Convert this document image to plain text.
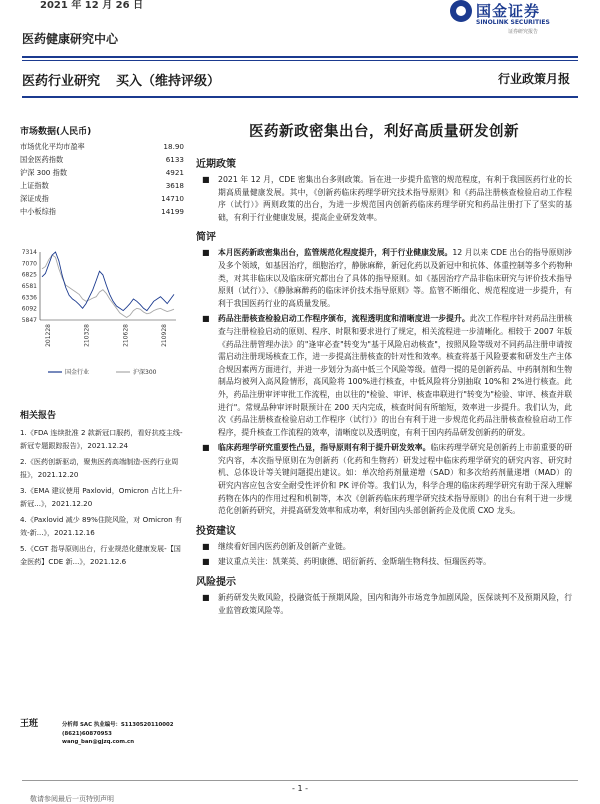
2021 年 12 月 26 日	国金证券
SINOLINK SECURITIES
证券研究报告
医药健康研究中心
医药行业研究 买入（维持评级）	行业政策月报
市场数据(人民币)
市场优化平均市盈率	18.90
国金医药指数	6133
沪深 300 指数	4921
上证指数	3618
深证成指	14710
中小板综指	14199
7314
7070
6825
6581
6336
6092
5847
201228	210328	210628	210928
国金行业	沪深300
相关报告
1.《FDA 连续批准 2 款新冠口服药，看好抗疫主线-新冠专题跟踪报告》，2021.12.24
2.《医药创新驱动，聚焦医药高端制造-医药行业周报》，2021.12.20
3.《EMA 建议使用 Paxlovid，Omicron 占比上升-新冠...》，2021.12.20
4.《Paxlovid 减少 89%住院风险，对 Omicron 有效-新...》，2021.12.16
5.《CGT 指导原则出台，行业规范化健康发展-【国金医药】CDE 新...》，2021.12.6
王班	分析师 SAC 执业编号：S1130520110002
(8621)60870953
wang_ban@gjzq.com.cn
医药新政密集出台，利好高质量研发创新
近期政策

■ 2021 年 12 月，CDE 密集出台多则政策。旨在进一步提升监管的规范程度，有利于我国医药行业的长期高质量健康发展。其中，《创新药临床药理学研究技术指导原则》和《药品注册核查检验启动工作程序（试行）》两则政策的出台，为进一步规范国内创新药临床药理学研究和药品注册打下了坚实的基础，有利于行业健康发展，提高企业研发效率。

简评

■ 本月医药新政密集出台，监管规范化程度提升，利于行业健康发展。12 月以来 CDE 出台的指导原则涉及多个领域，如基因治疗，细胞治疗，静脉麻醉，新冠化药以及新冠中和抗体、体重控制等多个药物种类，对其非临床以及临床研究都出台了具体的指导原则。如《基因治疗产品非临床研究与评价技术指导原则（试行）》、《静脉麻醉药的临床评价技术指导原则》等。监管不断细化、规范程度进一步提升，有利于我国医药行业的高质量发展。

■ 药品注册核查检验启动工作程序颁布，流程透明度和清晰度进一步提升。此次工作程序针对药品注册核查与注册检验启动的原则、程序、时限和要求进行了规定，相关流程进一步清晰化。相较于 2007 年版《药品注册管理办法》的"逢审必查"转变为"基于风险启动核查"，按照风险等级对不同药品注册申请按需启动注册现场核查工作，进一步提高注册核查的针对性和效率。核查将基于风险要素和研发生产主体合规因素两方面进行，并进一步划分为高中低三个风险等级。值得一提的是创新药品、中药制剂和生物制品均被列入高风险情形，高风险将 100%进行核查，中低风险将分别抽取 10%和 2%进行核查。此外，药品注册审评审批工作流程，由以往的"检验、审评、核查串联进行"转变为"检验、审评、核查并联进行"。常规品种审评时限预计在 200 天内完成，核查时间有所缩短，效率进一步提升。我们认为，此次《药品注册核查检验启动工作程序（试行）》的出台有利于进一步规范化药品注册核查检验启动工作程序，提升核查工作流程的效率，清晰度以及透明度，有利于国内药品研发创新药的研发。

■ 临床药理学研究重要性凸显，指导原则有利于提升研发效率。临床药理学研究是创新药上市前重要的研究内容，本次指导原则在为创新药（化药和生物药）研发过程中临床药理学研究的研究内容、研究时机、总体设计等关键问题提出建议。如：单次给药剂量递增（SAD）和多次给药剂量递增（MAD）的研究内容应包含安全耐受性评价和 PK 评价等。我们认为，科学合理的临床药理学研究有助于深入理解药物在体内的作用过程和机制等，本次《创新药临床药理学研究技术指导原则》的出台有利于进一步规范化创新药研究，并提高研发效率和成功率，利好国内头部创新药企及优质 CXO 龙头。

投资建议

■ 继续看好国内医药创新及创新产业链。

■ 建议重点关注：凯莱英、药明康德、昭衍新药、金斯瑞生物科技、恒瑞医药等。

风险提示

■ 新药研发失败风险，投融资低于预期风险，国内和海外市场竞争加剧风险，医保谈判不及预期风险，行业监管政策风险等。

- 1 -
敬请参阅最后一页特别声明
